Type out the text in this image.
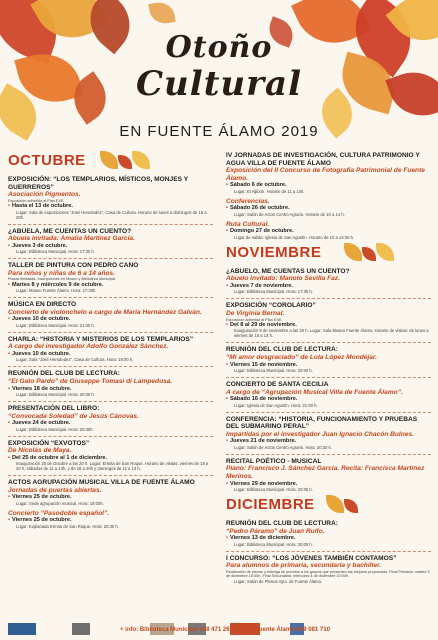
Otoño
Cultural
EN FUENTE ÁLAMO 2019
OCTUBRE
EXPOSICIÓN: “LOS TEMPLARIOS, MÍSTICOS, MONJES Y GUERREROS”
Asociación Pigmentos.
Exposición adherida al Plan EXE.
• Hasta el 13 de octubre.
Lugar: Sala de exposiciones “José Hernández”, Casa de Cultura. Horario de lunes a domingos de 18 a 20h.
¿ABUELA, ME CUENTAS UN CUENTO?
Abuela invitada: Amalia Martínez García.
• Jueves 3 de octubre.
Lugar: Biblioteca Municipal. Hora: 17:30 h.
TALLER DE PINTURA CON PEDRO CANO
Para niños y niñas de 6 a 14 años.
Plazas limitadas. Inscripciones en Museo y Biblioteca Municipal.
• Martes 8 y miércoles 9 de octubre.
Lugar: Museo Fuente Álamo. Hora: 17:30h.
MÚSICA EN DIRECTO
Concierto de violonchelo a cargo de María Hernández Galván.
• Jueves 10 de octubre.
Lugar: Biblioteca Municipal. Hora: 21:00 h.
CHARLA: “HISTORIA Y MISTERIOS DE LOS TEMPLARIOS”
A cargo del investigador Adolfo González Sánchez.
• Jueves 10 de octubre.
Lugar: Sala “José Hernández”, Casa de Cultura. Hora: 19:00 h.
REUNIÓN DEL CLUB DE LECTURA:
“El Gato Pardo” de Giuseppe Tomasi di Lampedusa.
• Viernes 18 de octubre.
Lugar: Biblioteca Municipal. Hora: 20:00 h.
PRESENTACIÓN DEL LIBRO:
“Convocada Soledad” de Jesús Cánovas.
• Jueves 24 de octubre.
Lugar: Biblioteca Municipal. Hora: 20:30h.
EXPOSICIÓN “EXVOTOS”
De Nicolás de Maya.
• Del 25 de octubre al 1 de diciembre.
Inauguración 25 de Octubre a las 20 h. Lugar: Ermita de San Roque. Horario de visitas: viernes de 18 a 20 h, sábados de 11 a 13h, y de 18 a 20h y domingos de 11 a 13 h.
ACTOS AGRUPACIÓN MUSICAL VILLA DE FUENTE ÁLAMO
Jornadas de puertas abiertas.
• Viernes 25 de octubre.
Lugar: Sede agrupación musical. Hora: 18:00h.
Concierto “Pasodoble español”.
• Viernes 25 de octubre.
Lugar: Explanada Ermita de San Roque. Hora: 20:30 h.
IV JORNADAS DE INVESTIGACIÓN, CULTURA PATRIMONIO Y AGUA VILLA DE FUENTE ÁLAMO
Exposición del II Concurso de Fotografía Patrimonial de Fuente Álamo.
• Sábado 6 de octubre.
Lugar: El Aljibón. Horario de 11 a 14h.
Conferencias.
• Sábado 26 de octubre.
Lugar: Salón de Actos Centro Agrario. Horario de 10 a 14 h.
Ruta Cultural.
• Domingo 27 de octubre.
Lugar de salida: Iglesia de San Agustín. Horario de 10 a 14:30 h.
NOVIEMBRE
¿ABUELO, ME CUENTAS UN CUENTO?
Abuelo invitado: Manolo Sevilla Faz.
• Jueves 7 de noviembre.
Lugar: Biblioteca Municipal. Hora: 17:30 h.
EXPOSICIÓN “COROLARIO”
De Virginia Bernal.
Exposición adherida al Plan EXE.
• Del 8 al 29 de noviembre.
Inauguración 8 de noviembre a las 20 h. Lugar: Sala Museo Fuente Álamo. Horario de visitas: de lunes a viernes de 10 a 14 h.
REUNIÓN DEL CLUB DE LECTURA:
“Mi amor desgraciado” de Lola López Mondéjar.
• Viernes 15 de noviembre.
Lugar: Biblioteca Municipal. Hora: 20:00 h.
CONCIERTO DE SANTA CECILIA
A cargo de “Agrupación Musical Villa de Fuente Álamo”.
• Sábado 16 de noviembre.
Lugar: Iglesia de San Agustín. Hora: 21:00 h.
CONFERENCIA: “HISTORIA, FUNCIONAMIENTO Y PRUEBAS DEL SUBMARINO PERAL”
Impartidas por el investigador Juan Ignacio Chacón Bulnes.
• Jueves 21 de noviembre.
Lugar: Salón de Actos Centro Agrario. Hora: 20:30 h.
RECITAL POÉTICO - MUSICAL
Piano: Francisco J. Sánchez García. Recita: Francisca Martínez Merinos.
• Viernes 29 de noviembre.
Lugar: Biblioteca Municipal. Hora: 20:00 h.
DICIEMBRE
REUNIÓN DEL CLUB DE LECTURA:
“Pedro Páramo” de Juan Rulfo.
• Viernes 13 de diciembre.
Lugar: Biblioteca Municipal. Hora: 20:00 h.
I CONCURSO: “LOS JÓVENES TAMBIÉN CONTAMOS”
Para alumnos de primaria, secundaria y bachiller.
Realización de piezas y entrega de premios a los grupos que presenten las mejores propuestas. Final Primaria: martes 3 de diciembre 10:00h. Final Secundaria: miércoles 4 de diciembre 10:00h.
Lugar: Salón de Plenos Ayto. de Fuente Álamo.
+ info: Biblioteca Municipal 638 471 263 Museo Fuente Álamo 669 081 710
